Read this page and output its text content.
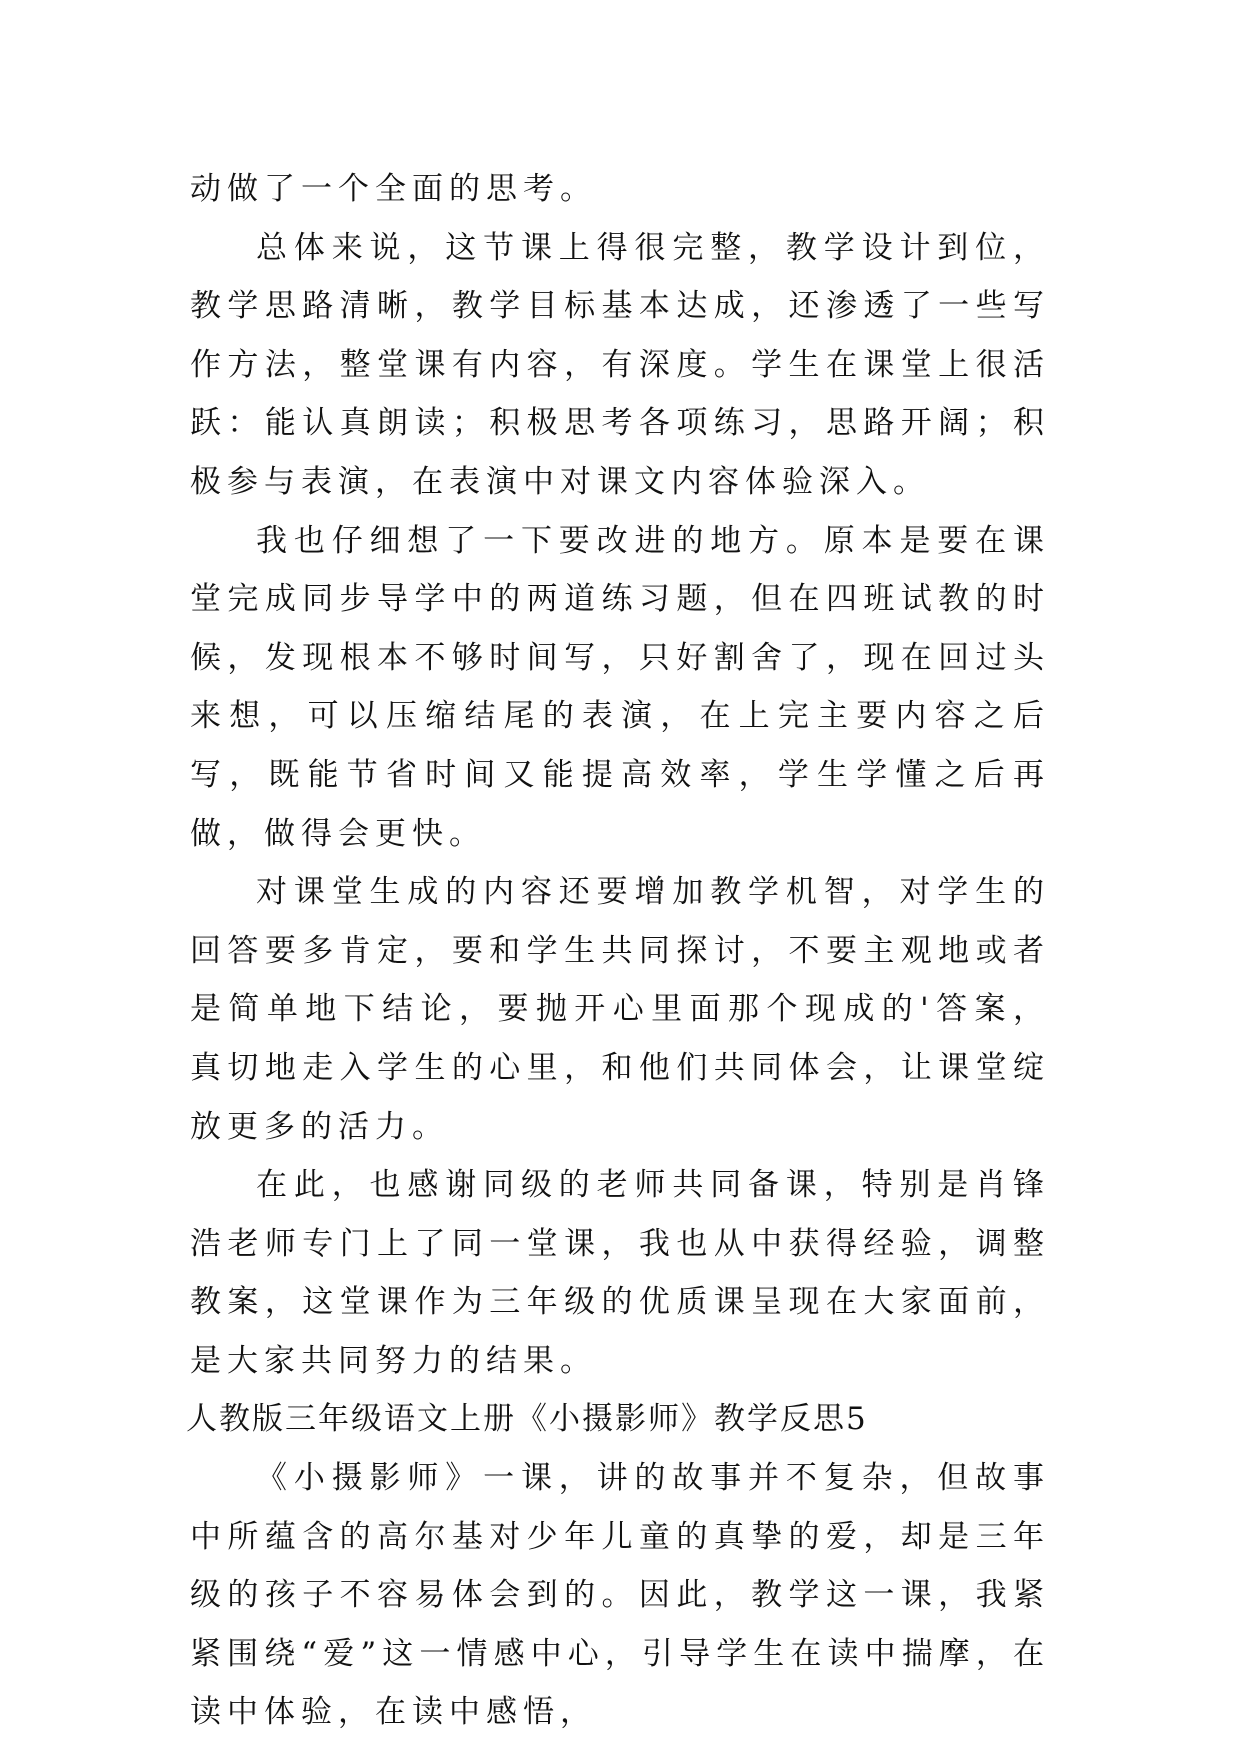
动做了一个全面的思考。

总体来说，这节课上得很完整，教学设计到位，教学思路清晰，教学目标基本达成，还渗透了一些写作方法，整堂课有内容，有深度。学生在课堂上很活跃：能认真朗读；积极思考各项练习，思路开阔；积极参与表演，在表演中对课文内容体验深入。

我也仔细想了一下要改进的地方。原本是要在课堂完成同步导学中的两道练习题，但在四班试教的时候，发现根本不够时间写，只好割舍了，现在回过头来想，可以压缩结尾的表演，在上完主要内容之后写，既能节省时间又能提高效率，学生学懂之后再做，做得会更快。

对课堂生成的内容还要增加教学机智，对学生的回答要多肯定，要和学生共同探讨，不要主观地或者是简单地下结论，要抛开心里面那个现成的'答案，真切地走入学生的心里，和他们共同体会，让课堂绽放更多的活力。

在此，也感谢同级的老师共同备课，特别是肖锋浩老师专门上了同一堂课，我也从中获得经验，调整教案，这堂课作为三年级的优质课呈现在大家面前，是大家共同努力的结果。

人教版三年级语文上册《小摄影师》教学反思5

《小摄影师》一课，讲的故事并不复杂，但故事中所蕴含的高尔基对少年儿童的真挚的爱，却是三年级的孩子不容易体会到的。因此，教学这一课，我紧紧围绕“爱”这一情感中心，引导学生在读中揣摩，在读中体验，在读中感悟，
